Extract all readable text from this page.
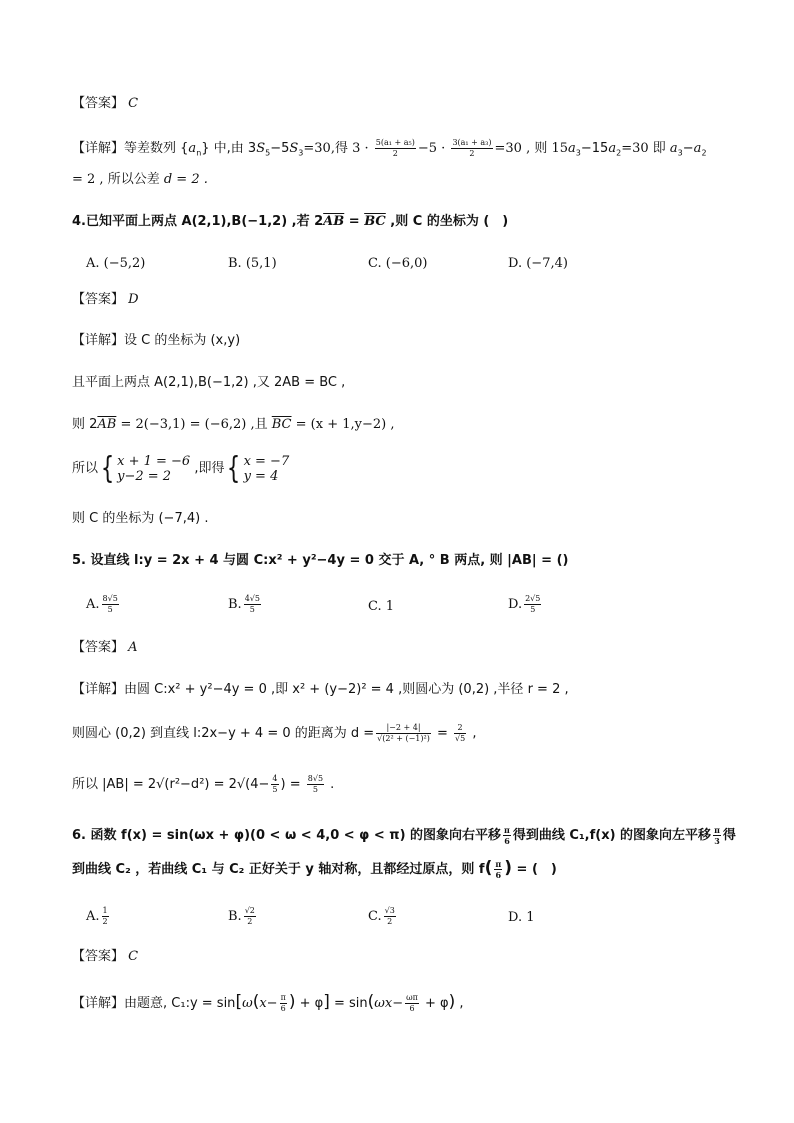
【答案】 C
【详解】等差数列 $\{a_n\}$ 中,由 $3S_5-5S_3=30$,得 $3 \cdot \frac{\text{5(a₁ + a₅)}}{2} -5 \cdot \frac{\text{3(a₁ + a₃)}}{2} =30$ , 则 $15a_3-15a_2=30$ 即 $a_3-a_2$
= 2 , 所以公差 d = 2 .
4.已知平面上两点 A(2,1),B(−1,2) ,若 $2\overline{AB} = \overline{BC}$ ,则 C 的坐标为 (　)
A. (−5,2)	B. (5,1)	C. (−6,0)	D. (−7,4)
【答案】 D
【详解】设 C 的坐标为 (x,y)
且平面上两点 A(2,1),B(−1,2) ,又 2AB = BC ,
则 $2\overline{AB} = 2(-3,1) = (-6,2)$ ,且 $\overline{BC} = (x + 1,y-2)$ ,
所以{ x + 1 = −6
y−2 = 2	,即得{ x = −7
y = 4
则 C 的坐标为 (−7,4) .
5. 设直线 l:y = 2x + 4 与圆 C:x² + y²−4y = 0 交于 A, ° B 两点, 则 |AB| = ()
A. $\frac{8√5}{5}$	B. $\frac{4√5}{5}$	C. 1	D. $\frac{2√5}{5}$
【答案】 A
【详解】由圆 C:x² + y²−4y = 0 ,即 x² + (y−2)² = 4 ,则圆心为 (0,2) ,半径 r = 2 ,
则圆心 (0,2) 到直线 l:2x−y + 4 = 0 的距离为 $d = \frac{|-2 + 4|}{\text{√(2² + (−1)²)}} = \frac{2}{√5}$ ,
所以 $|AB| = 2√(r^2-d^2) = 2√(4- \frac{4}{5}$ ) = $\frac{8√5}{5}$ .
6. 函数 f(x) = sin(ωx + φ)(0 < ω < 4,0 < φ < π) 的图象向右平移 $\frac{\pi}{6}$ 得到曲线 C₁,f(x) 的图象向左平移 $\frac{\pi}{3}$ 得
到曲线 C₂ ，若曲线 C₁ 与 C₂ 正好关于 y 轴对称，且都经过原点，则 $f( \frac{\pi}{6}$ ) = (　)
A. $\frac{1}{2}$	B. $\frac{√2}{2}$	C. $\frac{√3}{2}$	D. 1
【答案】 C
【详解】由题意, C₁:y = $\sin[\omega(x- \frac{\pi}{6}$ ) + $\varphi] = \sin(\omega x- \frac{\omega\pi}{6} + \varphi)$ ,
